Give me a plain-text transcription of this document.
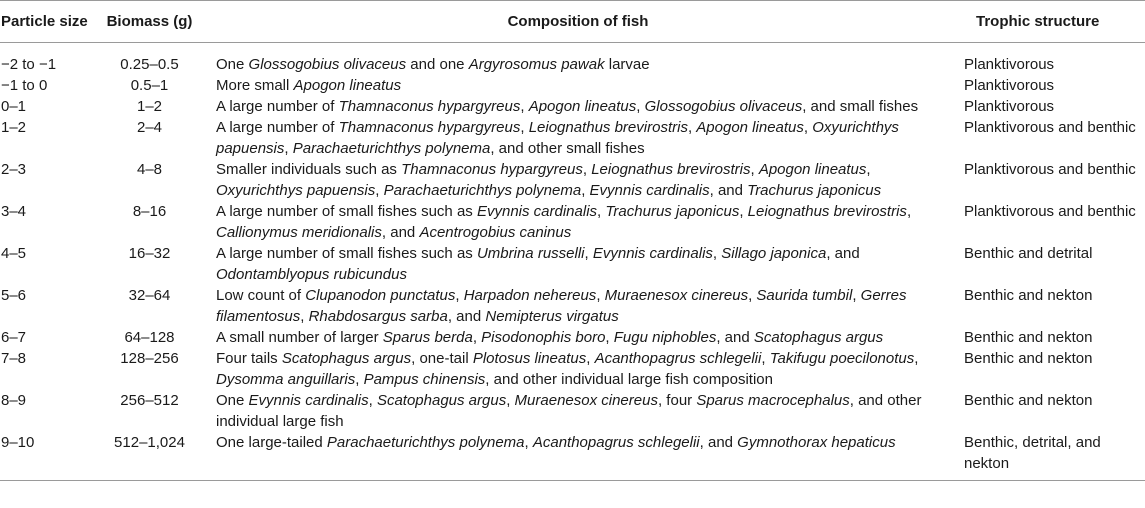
Particle size	Biomass (g)	Composition of fish	Trophic structure
−2 to −1	0.25–0.5	One Glossogobius olivaceus and one Argyrosomus pawak larvae	Planktivorous
−1 to 0	0.5–1	More small Apogon lineatus	Planktivorous
0–1	1–2	A large number of Thamnaconus hypargyreus, Apogon lineatus, Glossogobius olivaceus, and small fishes	Planktivorous
1–2	2–4	A large number of Thamnaconus hypargyreus, Leiognathus brevirostris, Apogon lineatus, Oxyurichthys papuensis, Parachaeturichthys polynema, and other small fishes	Planktivorous and benthic
2–3	4–8	Smaller individuals such as Thamnaconus hypargyreus, Leiognathus brevirostris, Apogon lineatus, Oxyurichthys papuensis, Parachaeturichthys polynema, Evynnis cardinalis, and Trachurus japonicus	Planktivorous and benthic
3–4	8–16	A large number of small fishes such as Evynnis cardinalis, Trachurus japonicus, Leiognathus brevirostris, Callionymus meridionalis, and Acentrogobius caninus	Planktivorous and benthic
4–5	16–32	A large number of small fishes such as Umbrina russelli, Evynnis cardinalis, Sillago japonica, and Odontamblyopus rubicundus	Benthic and detrital
5–6	32–64	Low count of Clupanodon punctatus, Harpadon nehereus, Muraenesox cinereus, Saurida tumbil, Gerres filamentosus, Rhabdosargus sarba, and Nemipterus virgatus	Benthic and nekton
6–7	64–128	A small number of larger Sparus berda, Pisodonophis boro, Fugu niphobles, and Scatophagus argus	Benthic and nekton
7–8	128–256	Four tails Scatophagus argus, one-tail Plotosus lineatus, Acanthopagrus schlegelii, Takifugu poecilonotus, Dysomma anguillaris, Pampus chinensis, and other individual large fish composition	Benthic and nekton
8–9	256–512	One Evynnis cardinalis, Scatophagus argus, Muraenesox cinereus, four Sparus macrocephalus, and other individual large fish	Benthic and nekton
9–10	512–1,024	One large-tailed Parachaeturichthys polynema, Acanthopagrus schlegelii, and Gymnothorax hepaticus	Benthic, detrital, and nekton
